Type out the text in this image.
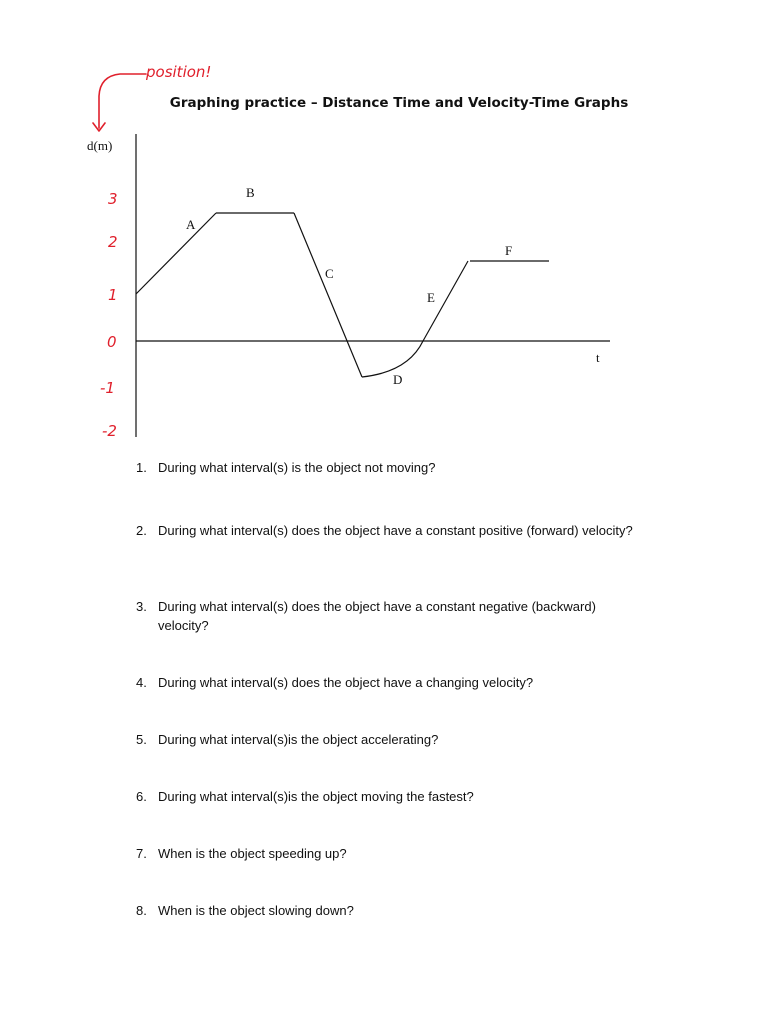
position!
d(m)
t
3
2
1
0
-1
-2
A
B
C
D
E
F
Graphing practice – Distance Time and Velocity-Time Graphs
1. During what interval(s) is the object not moving?
2. During what interval(s) does the object have a constant positive (forward) velocity?
3. During what interval(s) does the object have a constant negative (backward) velocity?
4. During what interval(s) does the object have a changing velocity?
5. During what interval(s)is the object accelerating?
6. During what interval(s)is the object moving the fastest?
7. When is the object speeding up?
8. When is the object slowing down?
